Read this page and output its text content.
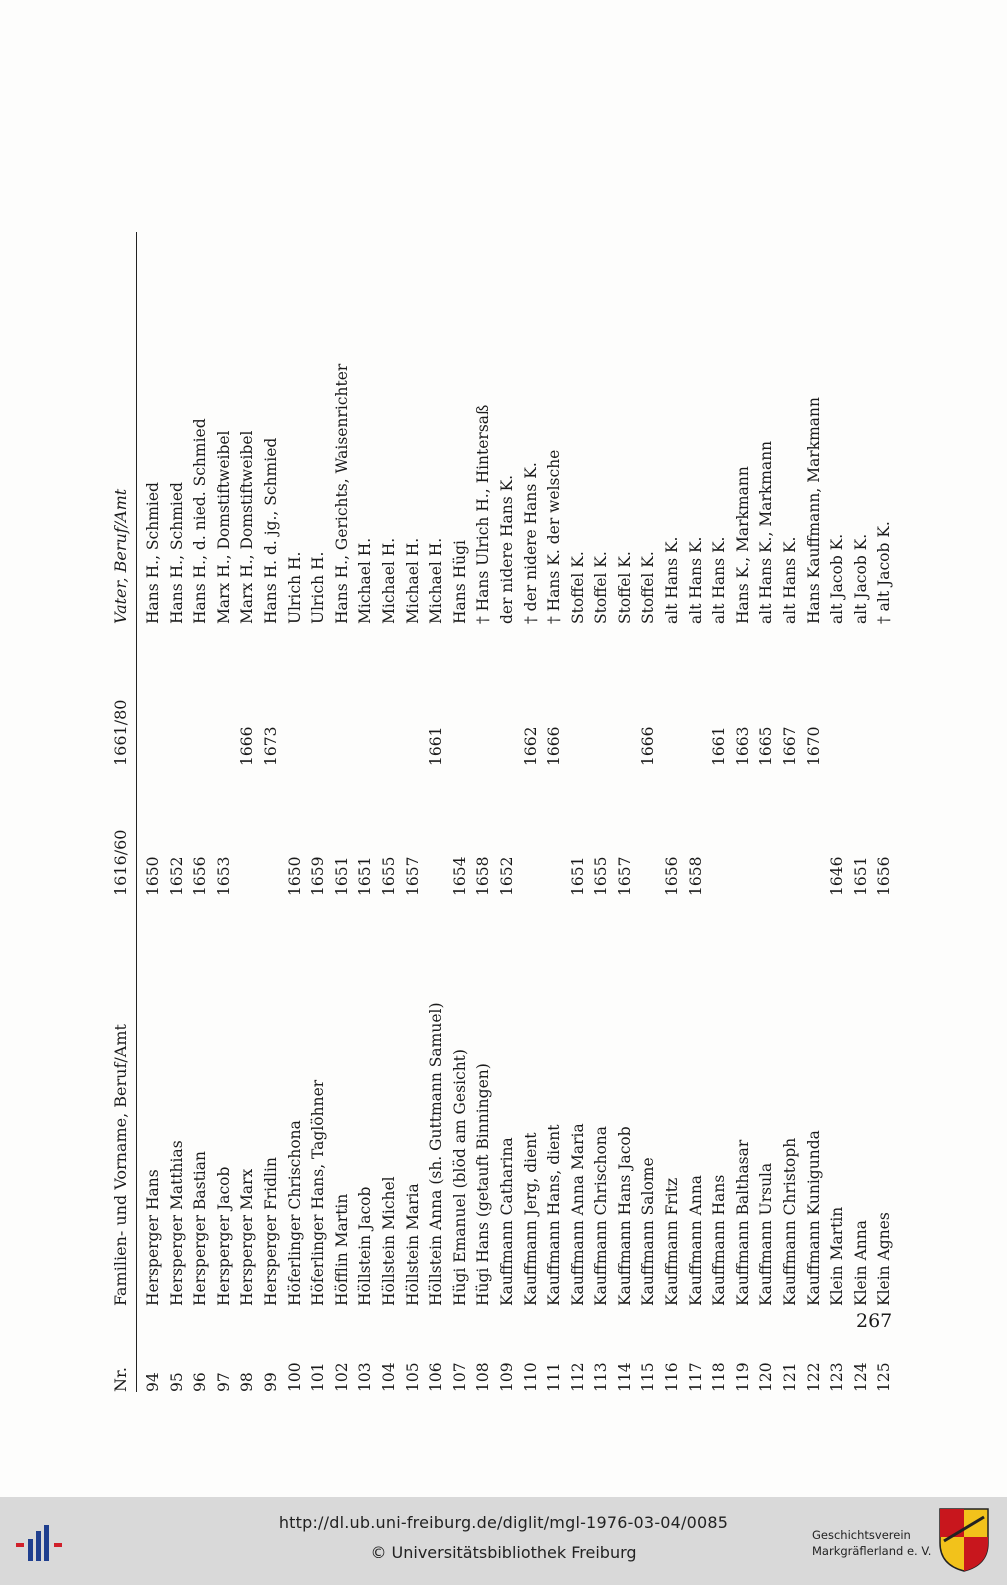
Nr.
Familien- und Vorname, Beruf/Amt
1616/60
1661/80
Vater, Beruf/Amt
94
Hersperger Hans
1650
Hans H., Schmied
95
Hersperger Matthias
1652
Hans H., Schmied
96
Hersperger Bastian
1656
Hans H., d. nied. Schmied
97
Hersperger Jacob
1653
Marx H., Domstiftweibel
98
Hersperger Marx
1666
Marx H., Domstiftweibel
99
Hersperger Fridlin
1673
Hans H. d. jg., Schmied
100
Höferlinger Chrischona
1650
Ulrich H.
101
Höferlinger Hans, Taglöhner
1659
Ulrich H.
102
Höfflin Martin
1651
Hans H., Gerichts, Waisenrichter
103
Höllstein Jacob
1651
Michael H.
104
Höllstein Michel
1655
Michael H.
105
Höllstein Maria
1657
Michael H.
106
Höllstein Anna (sh. Guttmann Samuel)
1661
Michael H.
107
Hügi Emanuel (blöd am Gesicht)
1654
Hans Hügi
108
Hügi Hans (getauft Binningen)
1658
† Hans Ulrich H., Hintersaß
109
Kauffmann Catharina
1652
der nidere Hans K.
110
Kauffmann Jerg, dient
1662
† der nidere Hans K.
111
Kauffmann Hans, dient
1666
† Hans K. der welsche
112
Kauffmann Anna Maria
1651
Stoffel K.
113
Kauffmann Chrischona
1655
Stoffel K.
114
Kauffmann Hans Jacob
1657
Stoffel K.
115
Kauffmann Salome
1666
Stoffel K.
116
Kauffmann Fritz
1656
alt Hans K.
117
Kauffmann Anna
1658
alt Hans K.
118
Kauffmann Hans
1661
alt Hans K.
119
Kauffmann Balthasar
1663
Hans K., Markmann
120
Kauffmann Ursula
1665
alt Hans K., Markmann
121
Kauffmann Christoph
1667
alt Hans K.
122
Kauffmann Kunigunda
1670
Hans Kauffmann, Markmann
123
Klein Martin
1646
alt Jacob K.
124
Klein Anna
1651
alt Jacob K.
125
Klein Agnes
1656
† alt Jacob K.
267
http://dl.ub.uni-freiburg.de/diglit/mgl-1976-03-04/0085
© Universitätsbibliothek Freiburg
Geschichtsverein
Markgräflerland e. V.
